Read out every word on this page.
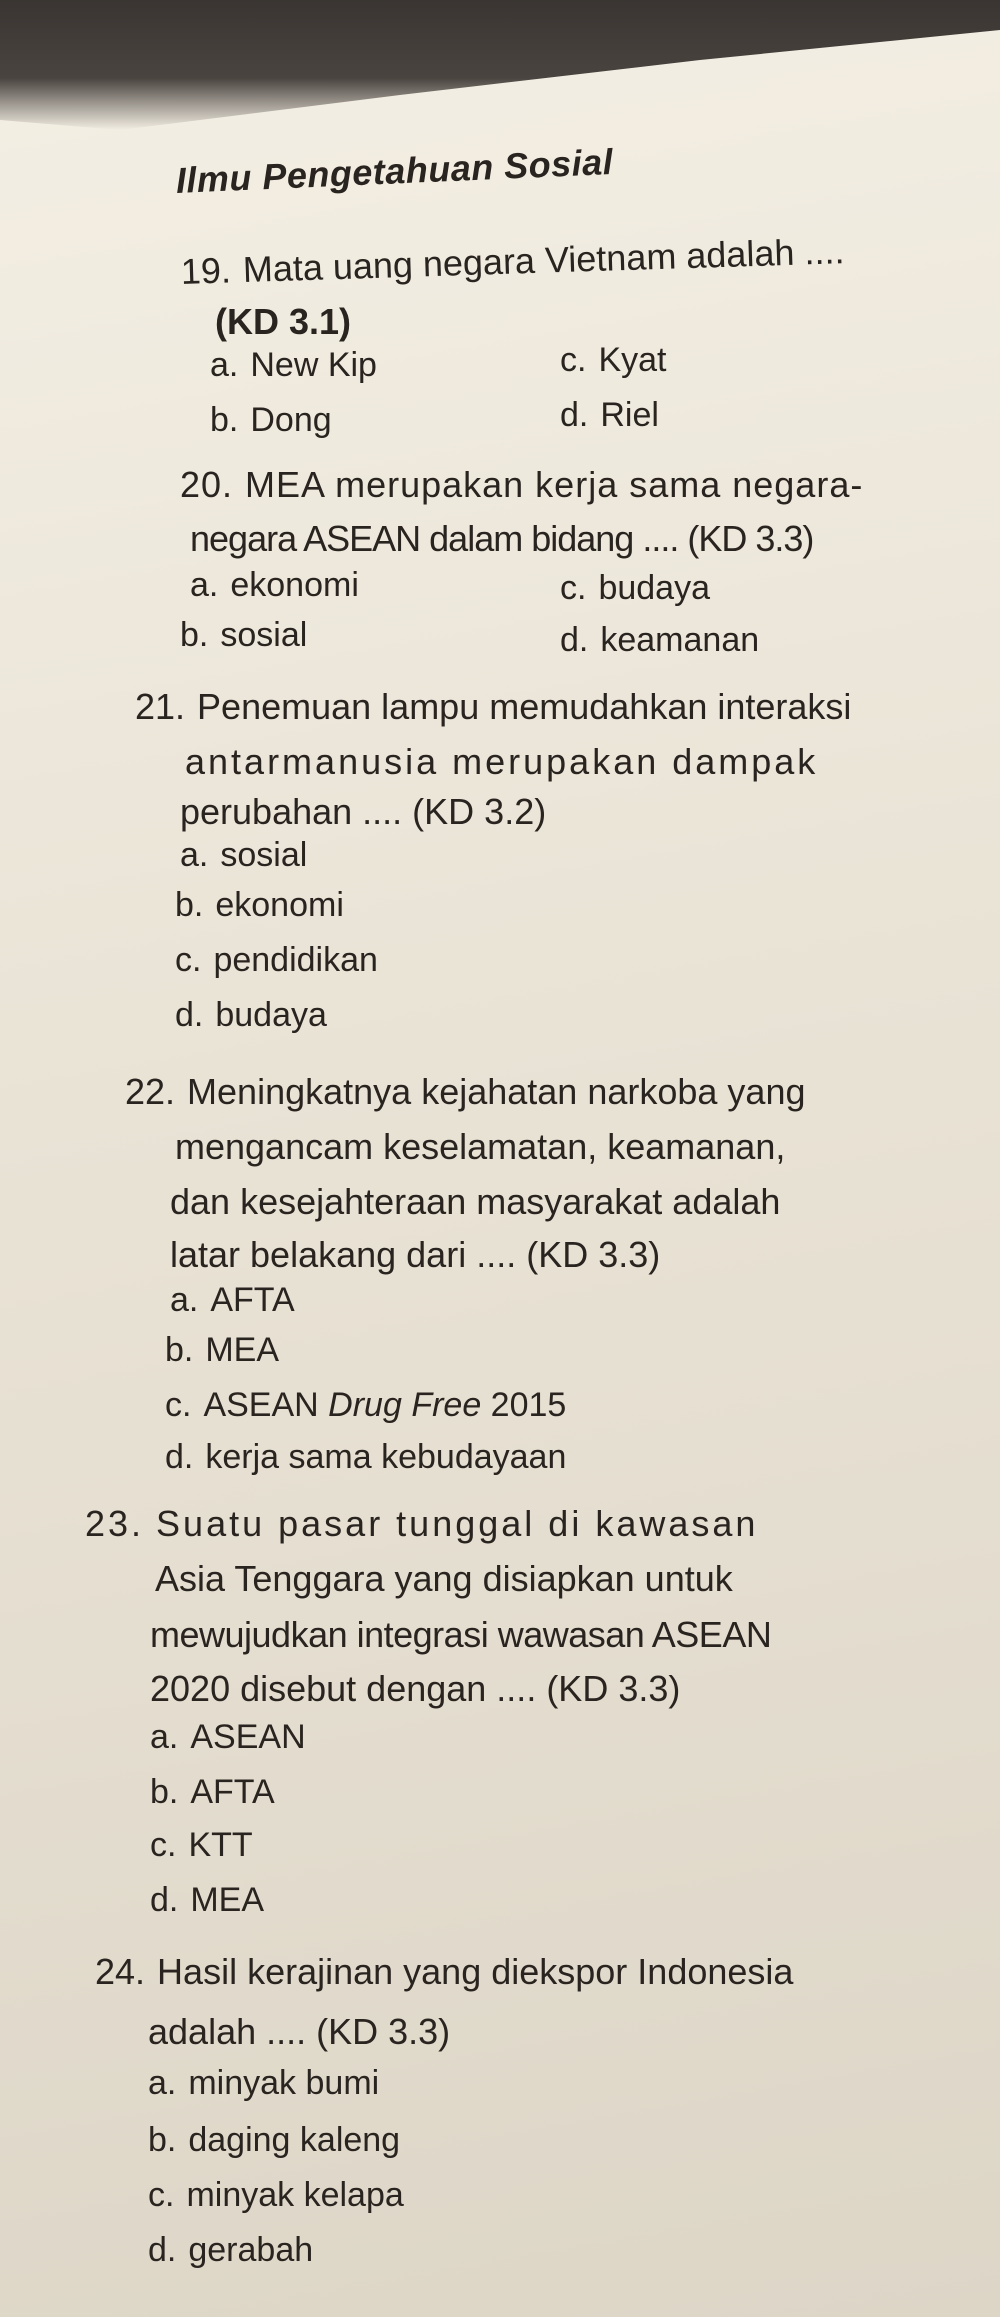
Ilmu Pengetahuan Sosial
19. Mata uang negara Vietnam adalah ....
(KD 3.1)
a. New Kip	c. Kyat
b. Dong	d. Riel
20. MEA merupakan kerja sama negara-
negara ASEAN dalam bidang .... (KD 3.3)
a. ekonomi	c. budaya
b. sosial	d. keamanan
21. Penemuan lampu memudahkan interaksi
antarmanusia merupakan dampak
perubahan .... (KD 3.2)
a. sosial
b. ekonomi
c. pendidikan
d. budaya
22. Meningkatnya kejahatan narkoba yang
mengancam keselamatan, keamanan,
dan kesejahteraan masyarakat adalah
latar belakang dari .... (KD 3.3)
a. AFTA
b. MEA
c. ASEAN Drug Free 2015
d. kerja sama kebudayaan
23. Suatu pasar tunggal di kawasan
Asia Tenggara yang disiapkan untuk
mewujudkan integrasi wawasan ASEAN
2020 disebut dengan .... (KD 3.3)
a. ASEAN
b. AFTA
c. KTT
d. MEA
24. Hasil kerajinan yang diekspor Indonesia
adalah .... (KD 3.3)
a. minyak bumi
b. daging kaleng
c. minyak kelapa
d. gerabah
